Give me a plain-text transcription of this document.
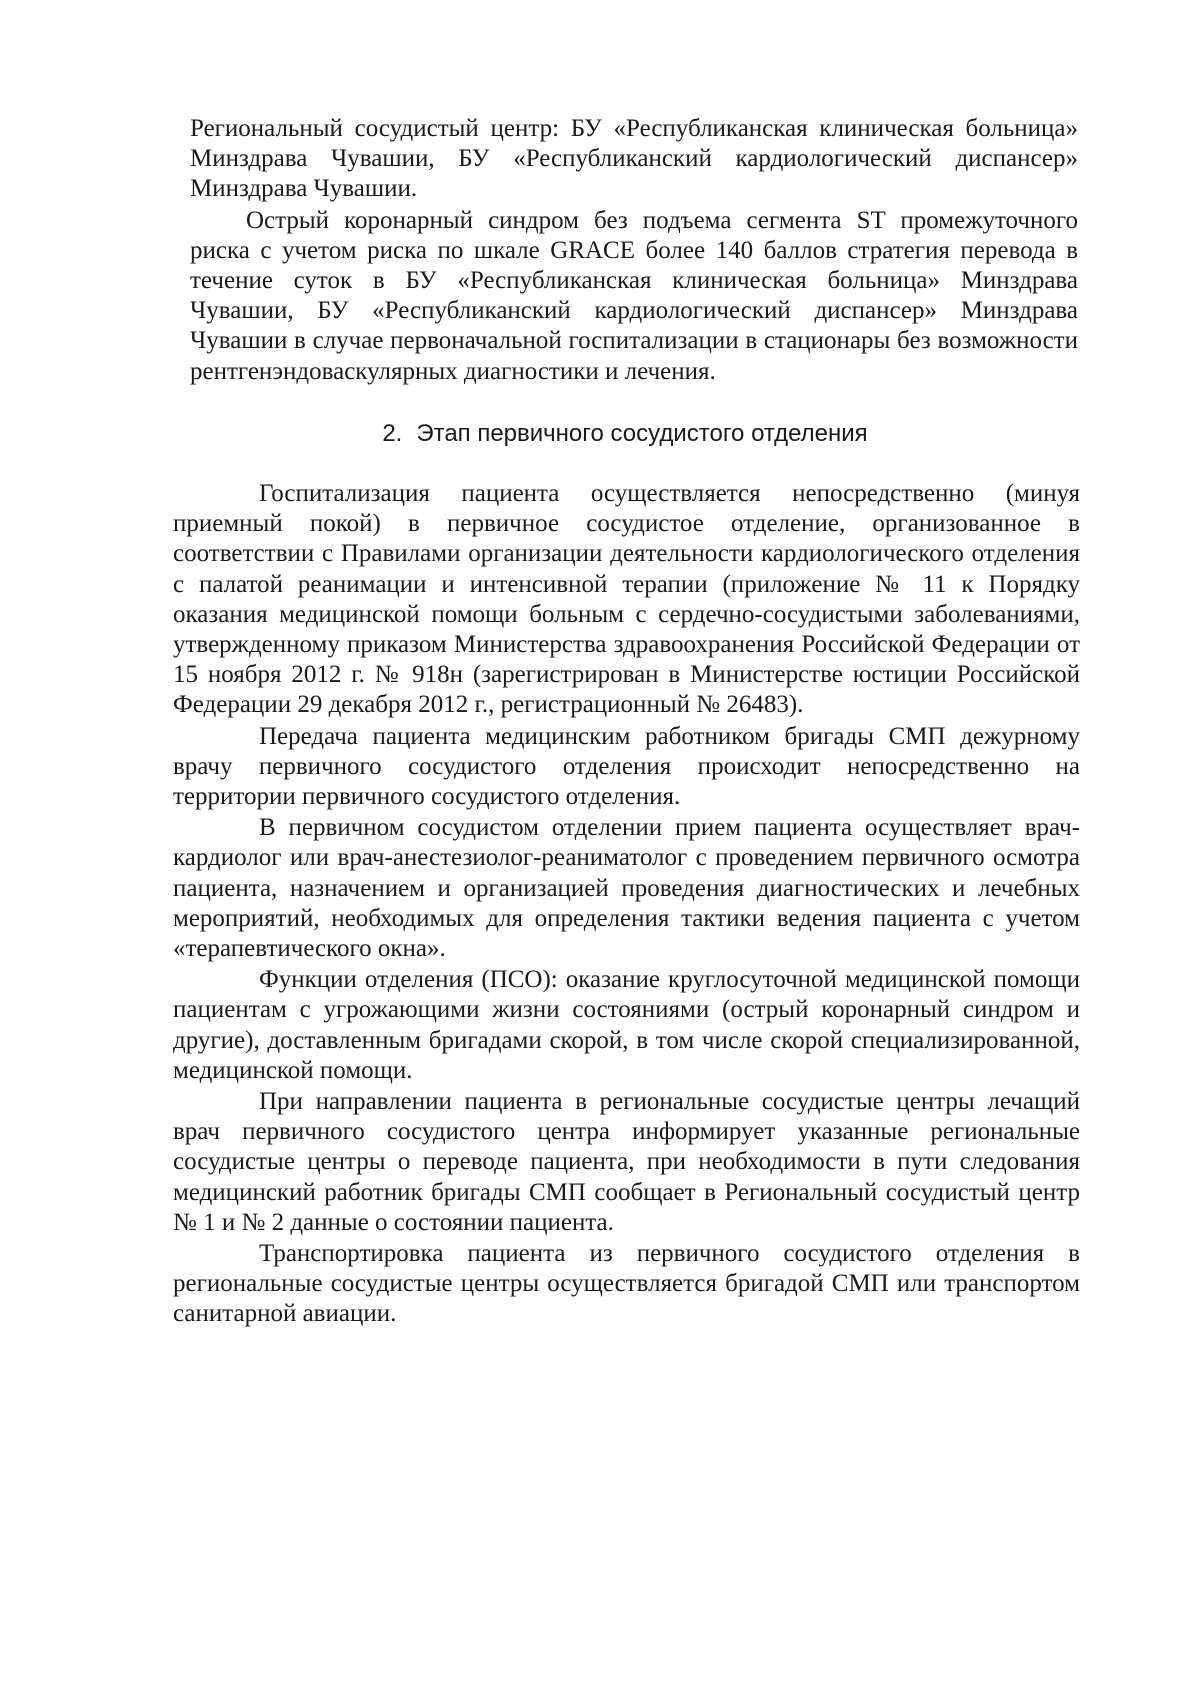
Региональный сосудистый центр: БУ «Республиканская клиническая больница» Минздрава Чувашии, БУ «Республиканский кардиологический диспансер» Минздрава Чувашии.

Острый коронарный синдром без подъема сегмента ST промежуточного риска с учетом риска по шкале GRACE более 140 баллов стратегия перевода в течение суток в БУ «Республиканская клиническая больница» Минздрава Чувашии, БУ «Республиканский кардиологический диспансер» Минздрава Чувашии в случае первоначальной госпитализации в стационары без возможности рентгенэндоваскулярных диагностики и лечения.

2. Этап первичного сосудистого отделения

Госпитализация пациента осуществляется непосредственно (минуя приемный покой) в первичное сосудистое отделение, организованное в соответствии с Правилами организации деятельности кардиологического отделения с палатой реанимации и интенсивной терапии (приложение № 11 к Порядку оказания медицинской помощи больным с сердечно-сосудистыми заболеваниями, утвержденному приказом Министерства здравоохранения Российской Федерации от 15 ноября 2012 г. № 918н (зарегистрирован в Министерстве юстиции Российской Федерации 29 декабря 2012 г., регистрационный № 26483).

Передача пациента медицинским работником бригады СМП дежурному врачу первичного сосудистого отделения происходит непосредственно на территории первичного сосудистого отделения.

В первичном сосудистом отделении прием пациента осуществляет врач-кардиолог или врач-анестезиолог-реаниматолог с проведением первичного осмотра пациента, назначением и организацией проведения диагностических и лечебных мероприятий, необходимых для определения тактики ведения пациента с учетом «терапевтического окна».

Функции отделения (ПСО): оказание круглосуточной медицинской помощи пациентам с угрожающими жизни состояниями (острый коронарный синдром и другие), доставленным бригадами скорой, в том числе скорой специализированной, медицинской помощи.

При направлении пациента в региональные сосудистые центры лечащий врач первичного сосудистого центра информирует указанные региональные сосудистые центры о переводе пациента, при необходимости в пути следования медицинский работник бригады СМП сообщает в Региональный сосудистый центр № 1 и № 2 данные о состоянии пациента.

Транспортировка пациента из первичного сосудистого отделения в региональные сосудистые центры осуществляется бригадой СМП или транспортом санитарной авиации.
